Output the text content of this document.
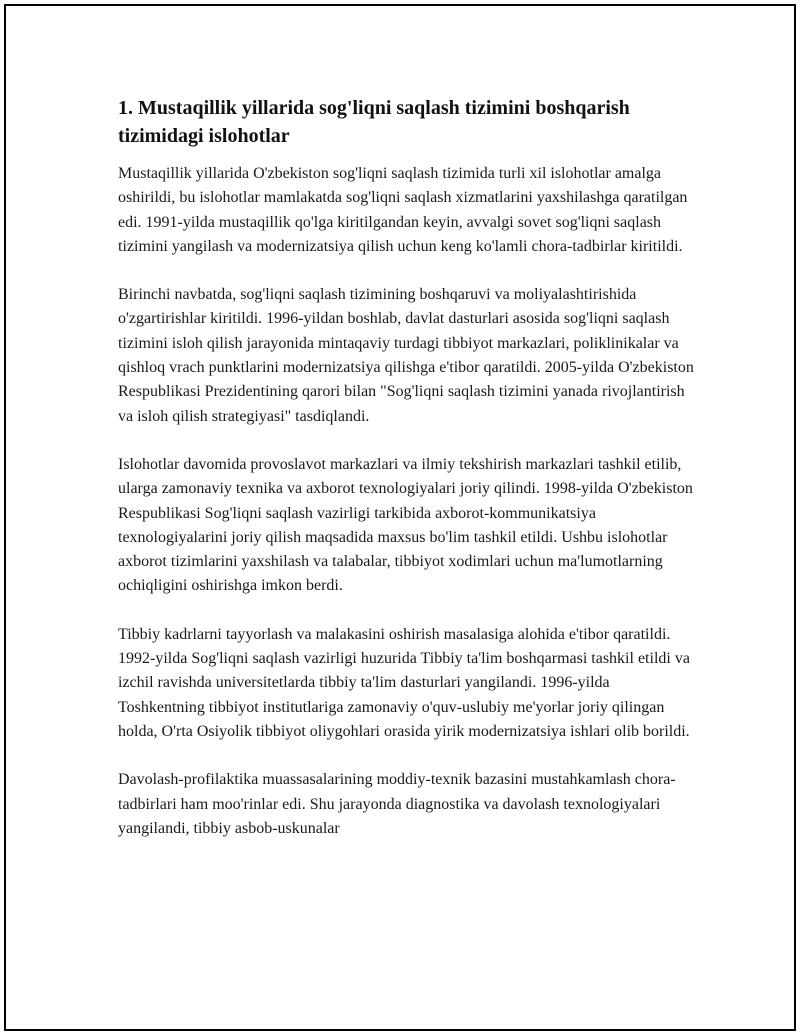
1. Mustaqillik yillarida sog'liqni saqlash tizimini boshqarish tizimidagi islohotlar

Mustaqillik yillarida O'zbekiston sog'liqni saqlash tizimida turli xil islohotlar amalga oshirildi, bu islohotlar mamlakatda sog'liqni saqlash xizmatlarini yaxshilashga qaratilgan edi. 1991-yilda mustaqillik qo'lga kiritilgandan keyin, avvalgi sovet sog'liqni saqlash tizimini yangilash va modernizatsiya qilish uchun keng ko'lamli chora-tadbirlar kiritildi.

Birinchi navbatda, sog'liqni saqlash tizimining boshqaruvi va moliyalashtirishida o'zgartirishlar kiritildi. 1996-yildan boshlab, davlat dasturlari asosida sog'liqni saqlash tizimini isloh qilish jarayonida mintaqaviy turdagi tibbiyot markazlari, poliklinikalar va qishloq vrach punktlarini modernizatsiya qilishga e'tibor qaratildi. 2005-yilda O'zbekiston Respublikasi Prezidentining qarori bilan "Sog'liqni saqlash tizimini yanada rivojlantirish va isloh qilish strategiyasi" tasdiqlandi.

Islohotlar davomida provoslavot markazlari va ilmiy tekshirish markazlari tashkil etilib, ularga zamonaviy texnika va axborot texnologiyalari joriy qilindi. 1998-yilda O'zbekiston Respublikasi Sog'liqni saqlash vazirligi tarkibida axborot-kommunikatsiya texnologiyalarini joriy qilish maqsadida maxsus bo'lim tashkil etildi. Ushbu islohotlar axborot tizimlarini yaxshilash va talabalar, tibbiyot xodimlari uchun ma'lumotlarning ochiqligini oshirishga imkon berdi.

Tibbiy kadrlarni tayyorlash va malakasini oshirish masalasiga alohida e'tibor qaratildi. 1992-yilda Sog'liqni saqlash vazirligi huzurida Tibbiy ta'lim boshqarmasi tashkil etildi va izchil ravishda universitetlarda tibbiy ta'lim dasturlari yangilandi. 1996-yilda Toshkentning tibbiyot institutlariga zamonaviy o'quv-uslubiy me'yorlar joriy qilingan holda, O'rta Osiyolik tibbiyot oliygohlari orasida yirik modernizatsiya ishlari olib borildi.

Davolash-profilaktika muassasalarining moddiy-texnik bazasini mustahkamlash chora-tadbirlari ham moo'rinlar edi. Shu jarayonda diagnostika va davolash texnologiyalari yangilandi, tibbiy asbob-uskunalar
